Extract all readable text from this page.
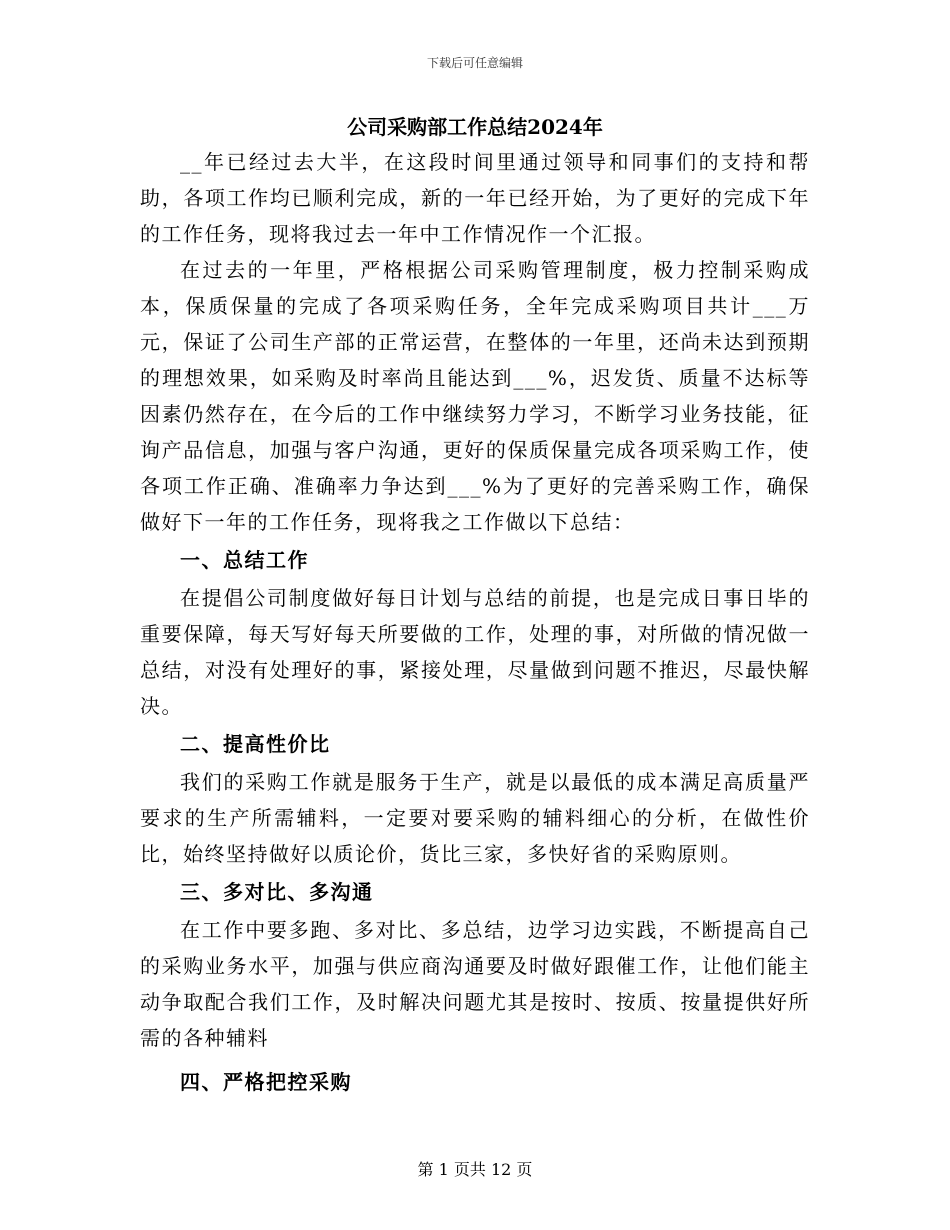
下载后可任意编辑
公司采购部工作总结2024年

__年已经过去大半，在这段时间里通过领导和同事们的支持和帮助，各项工作均已顺利完成，新的一年已经开始，为了更好的完成下年的工作任务，现将我过去一年中工作情况作一个汇报。

在过去的一年里，严格根据公司采购管理制度，极力控制采购成本，保质保量的完成了各项采购任务，全年完成采购项目共计___万元，保证了公司生产部的正常运营，在整体的一年里，还尚未达到预期的理想效果，如采购及时率尚且能达到___%，迟发货、质量不达标等因素仍然存在，在今后的工作中继续努力学习，不断学习业务技能，征询产品信息，加强与客户沟通，更好的保质保量完成各项采购工作，使各项工作正确、准确率力争达到___%为了更好的完善采购工作，确保做好下一年的工作任务，现将我之工作做以下总结：

一、总结工作

在提倡公司制度做好每日计划与总结的前提，也是完成日事日毕的重要保障，每天写好每天所要做的工作，处理的事，对所做的情况做一总结，对没有处理好的事，紧接处理，尽量做到问题不推迟，尽最快解决。

二、提高性价比

我们的采购工作就是服务于生产，就是以最低的成本满足高质量严要求的生产所需辅料，一定要对要采购的辅料细心的分析，在做性价比，始终坚持做好以质论价，货比三家，多快好省的采购原则。

三、多对比、多沟通

在工作中要多跑、多对比、多总结，边学习边实践，不断提高自己的采购业务水平，加强与供应商沟通要及时做好跟催工作，让他们能主动争取配合我们工作，及时解决问题尤其是按时、按质、按量提供好所需的各种辅料

四、严格把控采购
第 1 页共 12 页
